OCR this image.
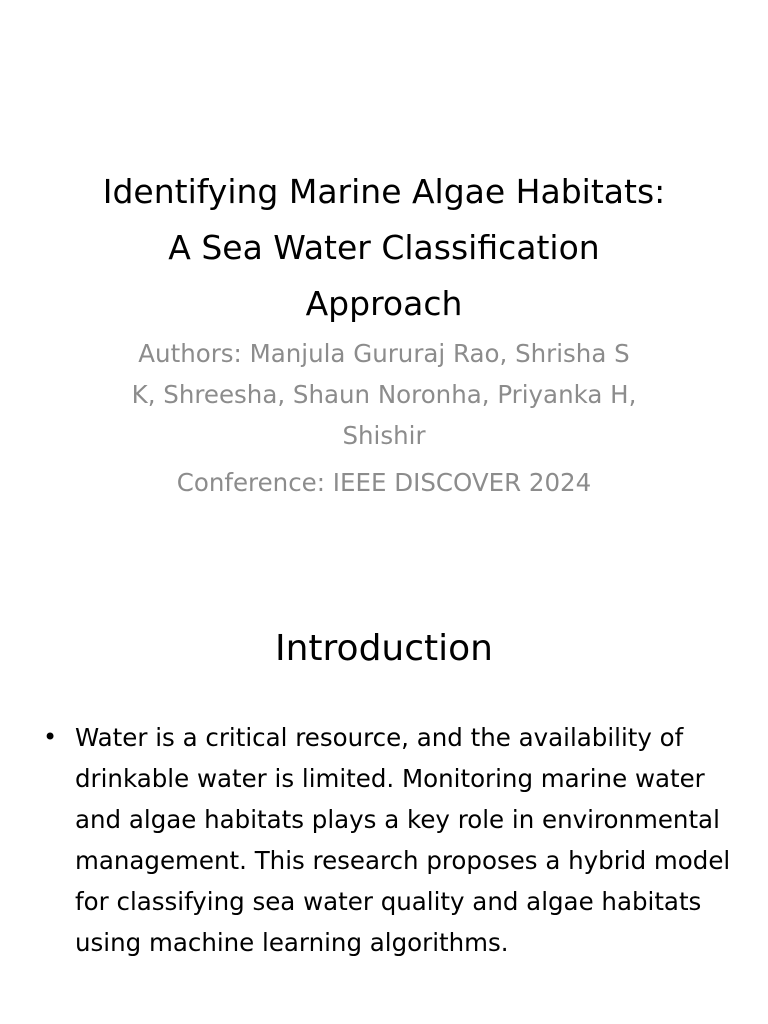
Identifying Marine Algae Habitats: A Sea Water Classification Approach

Authors: Manjula Gururaj Rao, Shrisha S K, Shreesha, Shaun Noronha, Priyanka H, Shishir

Conference: IEEE DISCOVER 2024

Introduction
• Water is a critical resource, and the availability of drinkable water is limited. Monitoring marine water and algae habitats plays a key role in environmental management. This research proposes a hybrid model for classifying sea water quality and algae habitats using machine learning algorithms.
